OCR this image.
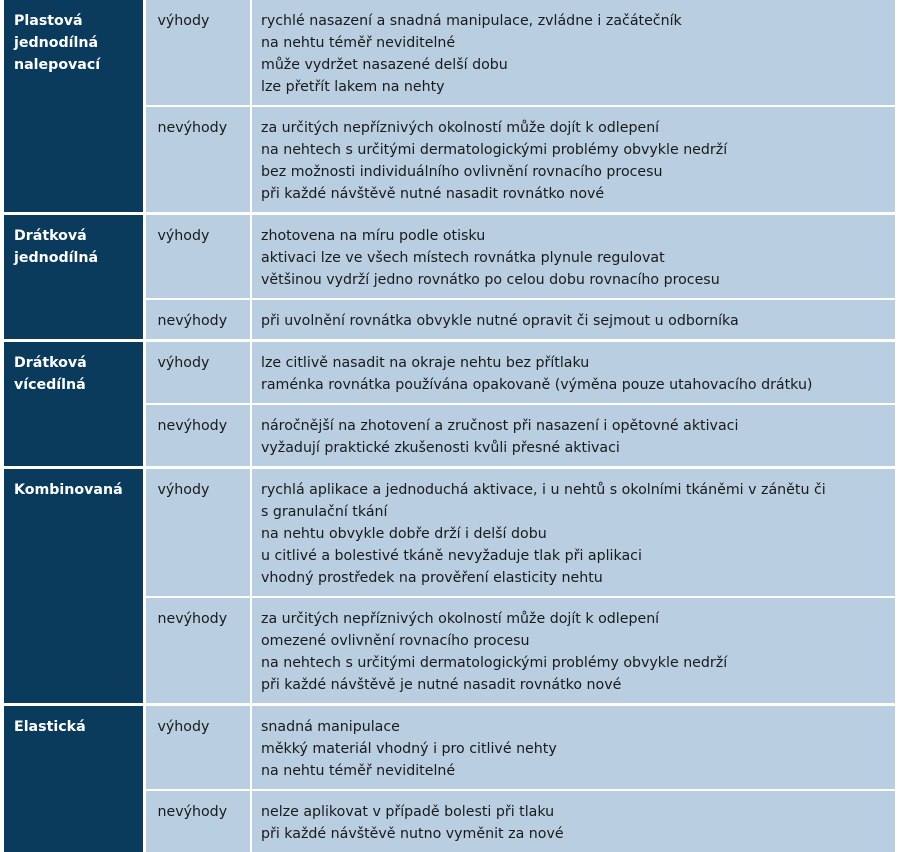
Plastová
jednodílná
nalepovací	výhody	rychlé nasazení a snadná manipulace, zvládne i začátečník
na nehtu téměř neviditelné
může vydržet nasazené delší dobu
lze přetřít lakem na nehty

	nevýhody	za určitých nepříznivých okolností může dojít k odlepení
na nehtech s určitými dermatologickými problémy obvykle nedrží
bez možnosti individuálního ovlivnění rovnacího procesu
při každé návštěvě nutné nasadit rovnátko nové

Drátková
jednodílná	výhody	zhotovena na míru podle otisku
aktivaci lze ve všech místech rovnátka plynule regulovat
většinou vydrží jedno rovnátko po celou dobu rovnacího procesu

	nevýhody	při uvolnění rovnátka obvykle nutné opravit či sejmout u odborníka

Drátková
vícedílná	výhody	lze citlivě nasadit na okraje nehtu bez přítlaku
raménka rovnátka používána opakovaně (výměna pouze utahovacího drátku)

	nevýhody	náročnější na zhotovení a zručnost při nasazení i opětovné aktivaci
vyžadují praktické zkušenosti kvůli přesné aktivaci

Kombinovaná	výhody	rychlá aplikace a jednoduchá aktivace, i u nehtů s okolními tkáněmi v zánětu či
s granulační tkání
na nehtu obvykle dobře drží i delší dobu
u citlivé a bolestivé tkáně nevyžaduje tlak při aplikaci
vhodný prostředek na prověření elasticity nehtu

	nevýhody	za určitých nepříznivých okolností může dojít k odlepení
omezené ovlivnění rovnacího procesu
na nehtech s určitými dermatologickými problémy obvykle nedrží
při každé návštěvě je nutné nasadit rovnátko nové

Elastická	výhody	snadná manipulace
měkký materiál vhodný i pro citlivé nehty
na nehtu téměř neviditelné

	nevýhody	nelze aplikovat v případě bolesti při tlaku
při každé návštěvě nutno vyměnit za nové
